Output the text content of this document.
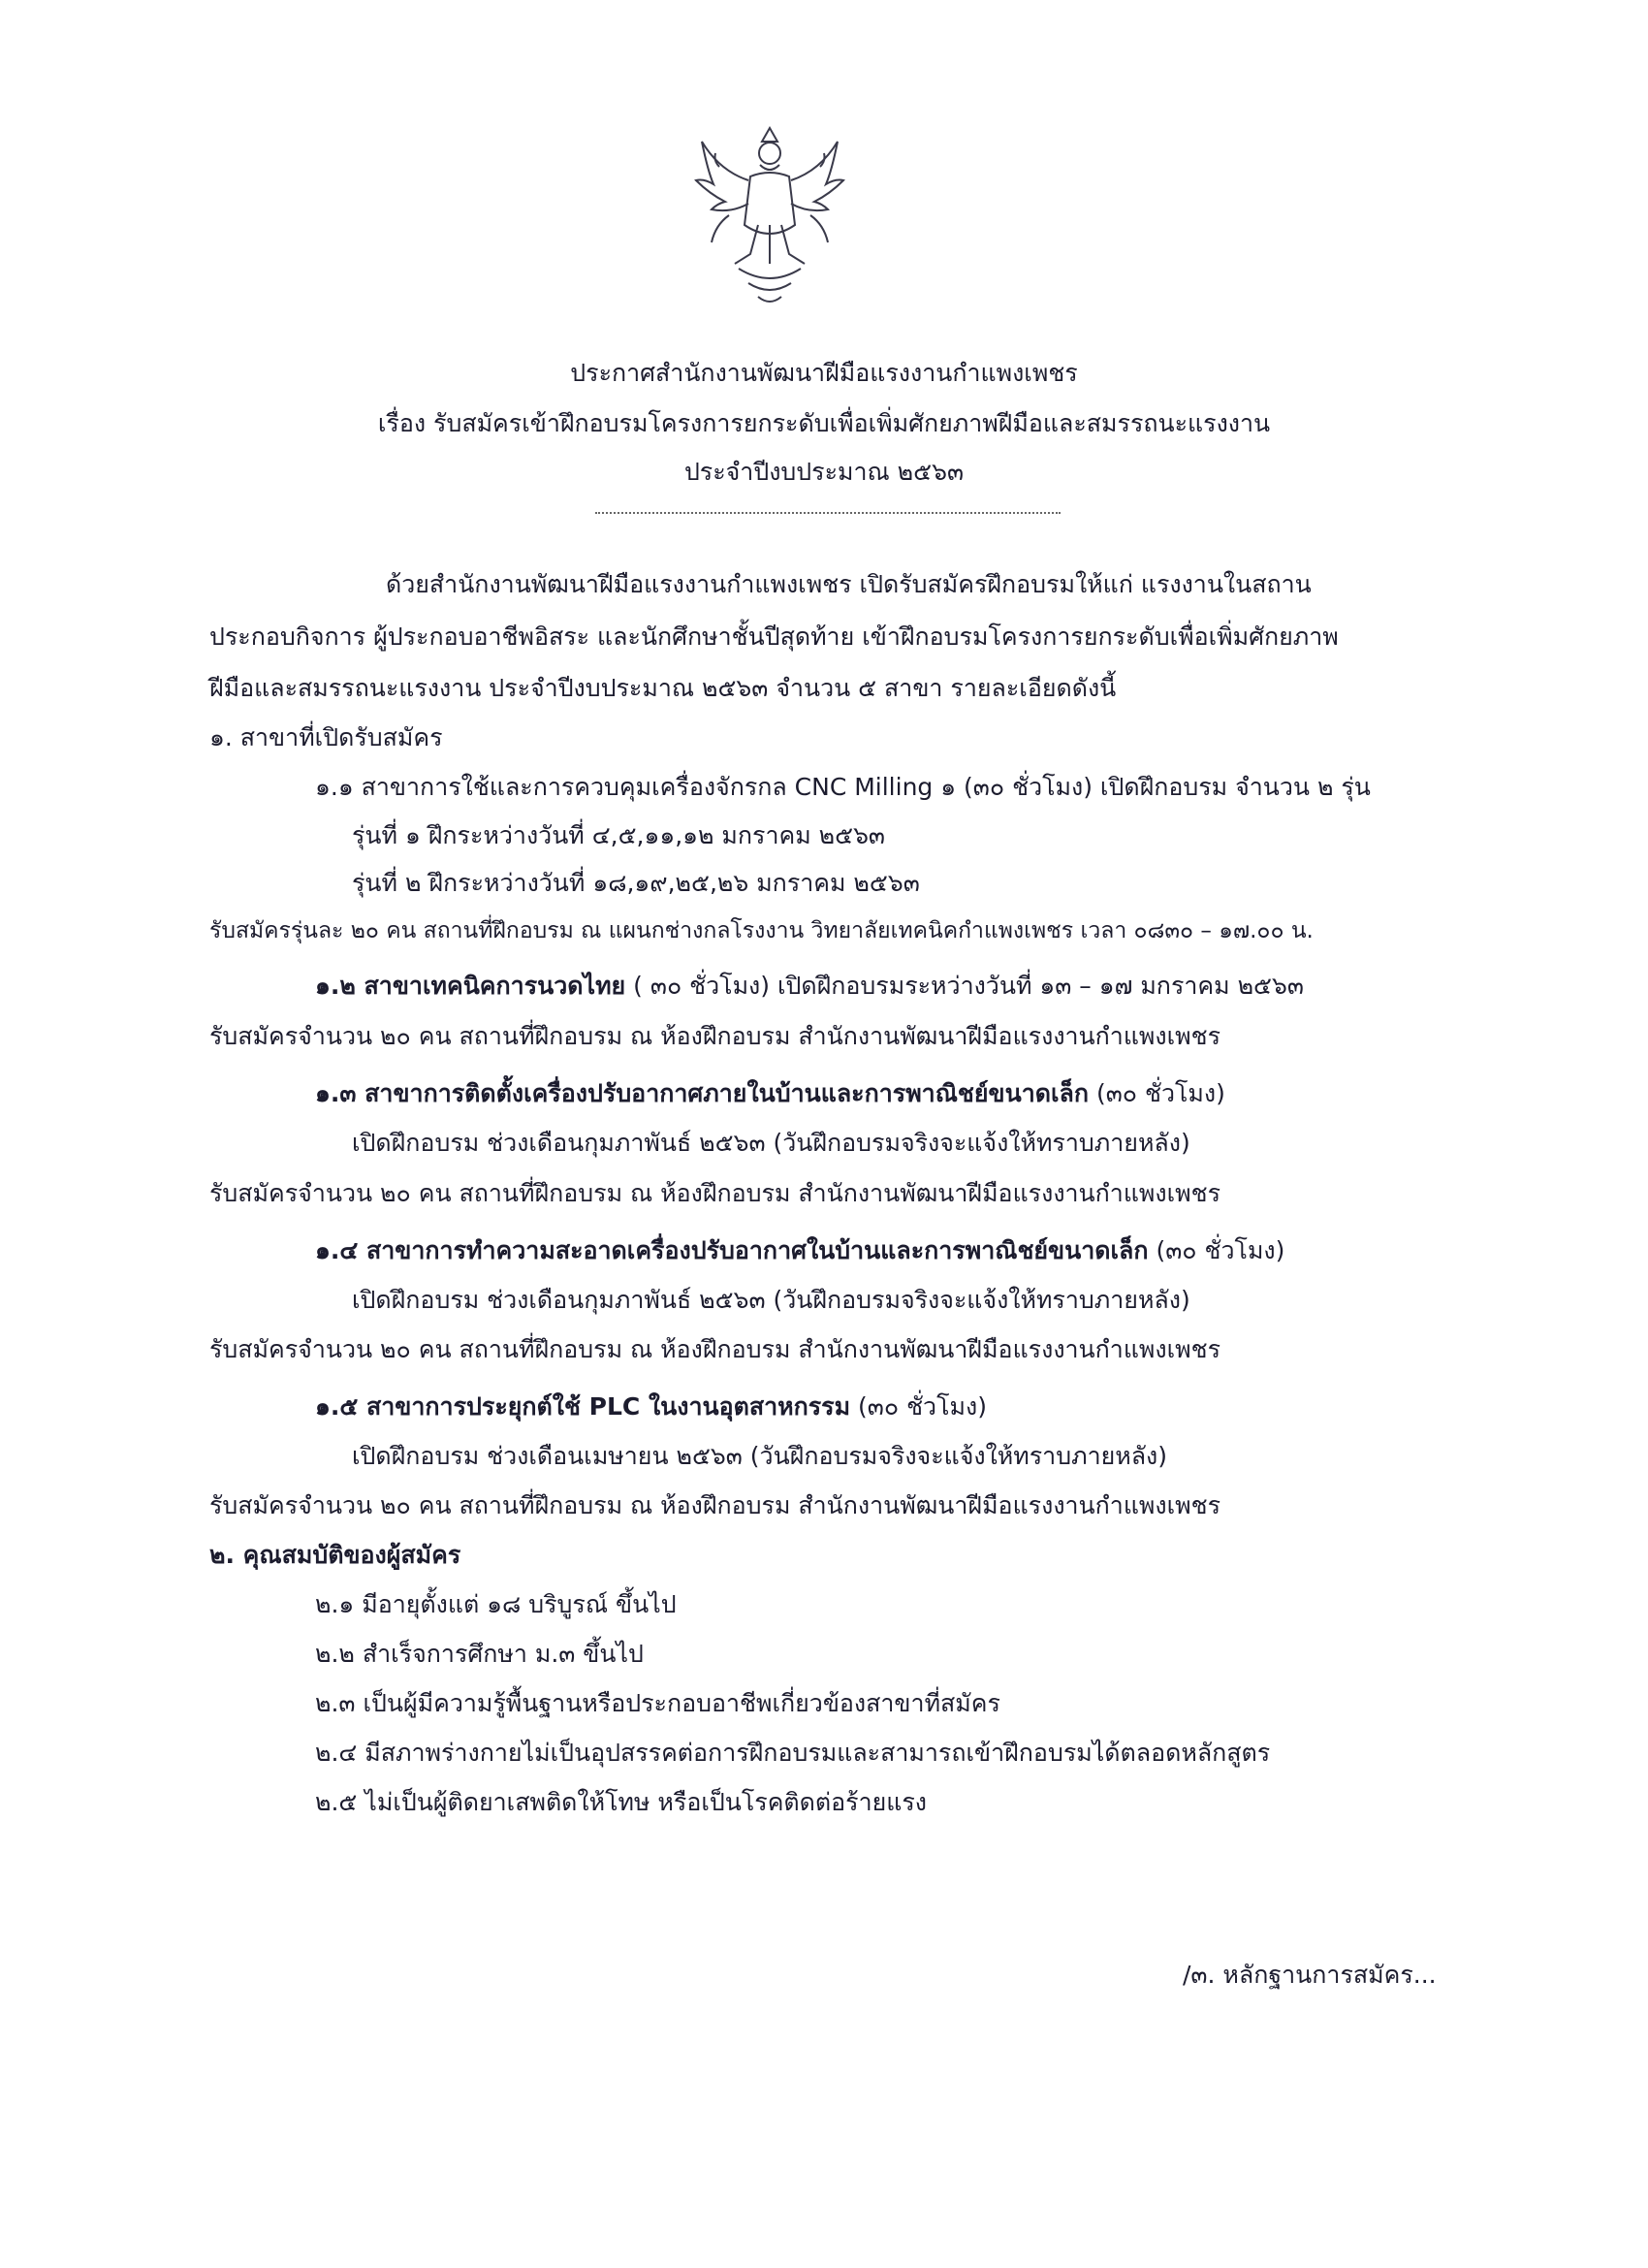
ประกาศสำนักงานพัฒนาฝีมือแรงงานกำแพงเพชร
เรื่อง รับสมัครเข้าฝึกอบรมโครงการยกระดับเพื่อเพิ่มศักยภาพฝีมือและสมรรถนะแรงงาน
ประจำปีงบประมาณ ๒๕๖๓
ด้วยสำนักงานพัฒนาฝีมือแรงงานกำแพงเพชร เปิดรับสมัครฝึกอบรมให้แก่ แรงงานในสถาน
ประกอบกิจการ ผู้ประกอบอาชีพอิสระ และนักศึกษาชั้นปีสุดท้าย เข้าฝึกอบรมโครงการยกระดับเพื่อเพิ่มศักยภาพ
ฝีมือและสมรรถนะแรงงาน ประจำปีงบประมาณ ๒๕๖๓ จำนวน ๕ สาขา รายละเอียดดังนี้
๑. สาขาที่เปิดรับสมัคร
๑.๑ สาขาการใช้และการควบคุมเครื่องจักรกล CNC Milling ๑ (๓๐ ชั่วโมง) เปิดฝึกอบรม จำนวน ๒ รุ่น
รุ่นที่ ๑ ฝึกระหว่างวันที่ ๔,๕,๑๑,๑๒ มกราคม ๒๕๖๓
รุ่นที่ ๒ ฝึกระหว่างวันที่ ๑๘,๑๙,๒๕,๒๖ มกราคม ๒๕๖๓
รับสมัครรุ่นละ ๒๐ คน สถานที่ฝึกอบรม ณ แผนกช่างกลโรงงาน วิทยาลัยเทคนิคกำแพงเพชร เวลา ๐๘๓๐ – ๑๗.๐๐ น.
๑.๒ สาขาเทคนิคการนวดไทย ( ๓๐ ชั่วโมง) เปิดฝึกอบรมระหว่างวันที่ ๑๓ – ๑๗ มกราคม ๒๕๖๓
รับสมัครจำนวน ๒๐ คน สถานที่ฝึกอบรม ณ ห้องฝึกอบรม สำนักงานพัฒนาฝีมือแรงงานกำแพงเพชร
๑.๓ สาขาการติดตั้งเครื่องปรับอากาศภายในบ้านและการพาณิชย์ขนาดเล็ก (๓๐ ชั่วโมง)
เปิดฝึกอบรม ช่วงเดือนกุมภาพันธ์ ๒๕๖๓ (วันฝึกอบรมจริงจะแจ้งให้ทราบภายหลัง)
รับสมัครจำนวน ๒๐ คน สถานที่ฝึกอบรม ณ ห้องฝึกอบรม สำนักงานพัฒนาฝีมือแรงงานกำแพงเพชร
๑.๔ สาขาการทำความสะอาดเครื่องปรับอากาศในบ้านและการพาณิชย์ขนาดเล็ก (๓๐ ชั่วโมง)
เปิดฝึกอบรม ช่วงเดือนกุมภาพันธ์ ๒๕๖๓ (วันฝึกอบรมจริงจะแจ้งให้ทราบภายหลัง)
รับสมัครจำนวน ๒๐ คน สถานที่ฝึกอบรม ณ ห้องฝึกอบรม สำนักงานพัฒนาฝีมือแรงงานกำแพงเพชร
๑.๕ สาขาการประยุกต์ใช้ PLC ในงานอุตสาหกรรม (๓๐ ชั่วโมง)
เปิดฝึกอบรม ช่วงเดือนเมษายน ๒๕๖๓ (วันฝึกอบรมจริงจะแจ้งให้ทราบภายหลัง)
รับสมัครจำนวน ๒๐ คน สถานที่ฝึกอบรม ณ ห้องฝึกอบรม สำนักงานพัฒนาฝีมือแรงงานกำแพงเพชร
๒. คุณสมบัติของผู้สมัคร
๒.๑ มีอายุตั้งแต่ ๑๘ บริบูรณ์ ขึ้นไป
๒.๒ สำเร็จการศึกษา ม.๓ ขึ้นไป
๒.๓ เป็นผู้มีความรู้พื้นฐานหรือประกอบอาชีพเกี่ยวข้องสาขาที่สมัคร
๒.๔ มีสภาพร่างกายไม่เป็นอุปสรรคต่อการฝึกอบรมและสามารถเข้าฝึกอบรมได้ตลอดหลักสูตร
๒.๕ ไม่เป็นผู้ติดยาเสพติดให้โทษ หรือเป็นโรคติดต่อร้ายแรง
/๓. หลักฐานการสมัคร...
